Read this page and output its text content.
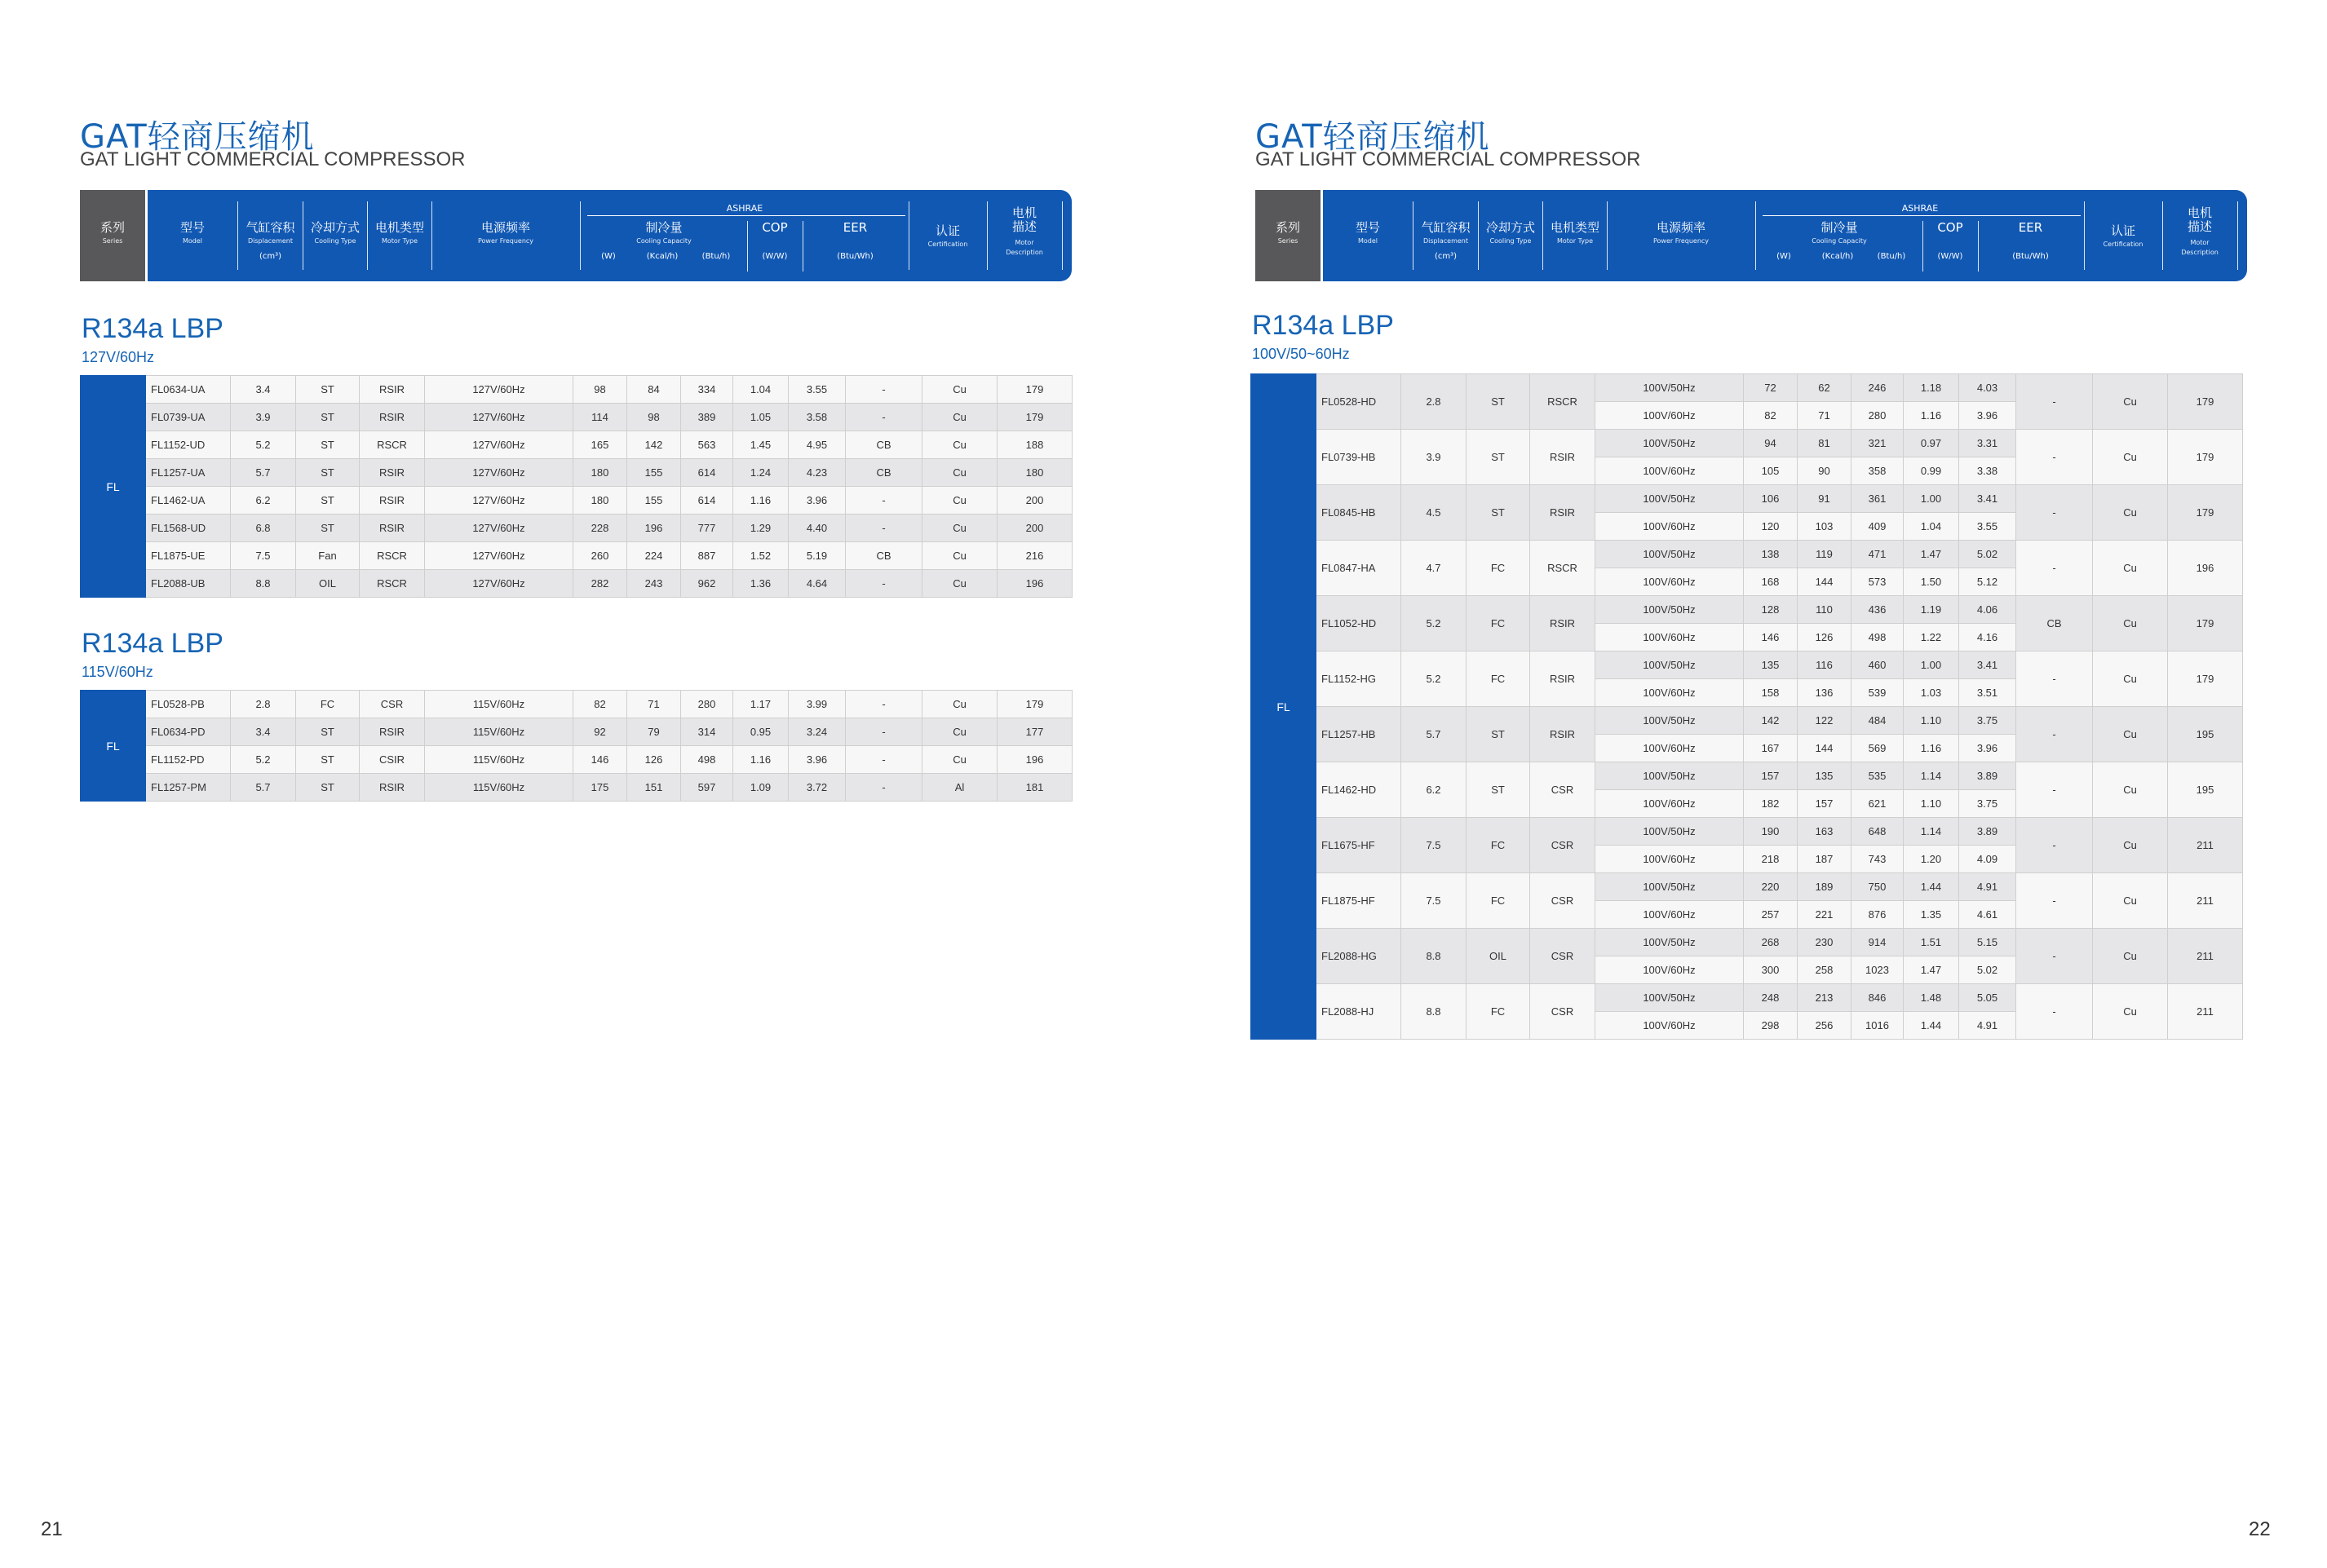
GAT轻商压缩机
GAT LIGHT COMMERCIAL COMPRESSOR
系列
Series
型号
Model
气缸容积
Displacement
(cm³)
冷却方式
Cooling Type
电机类型
Motor Type
电源频率
Power Frequency
ASHRAE
制冷量
Cooling Capacity
(W)	(Kcal/h)	(Btu/h)
COP
(W/W)
EER
(Btu/Wh)
认证
Certification
电机
描述
Motor
Description
壳体
高度
Shell Height
(mm)
R134a LBP
127V/60Hz
FL	FL0634-UA	3.4	ST	RSIR	127V/60Hz	98	84	334	1.04	3.55	-	Cu	179
	FL0739-UA	3.9	ST	RSIR	127V/60Hz	114	98	389	1.05	3.58	-	Cu	179
	FL1152-UD	5.2	ST	RSCR	127V/60Hz	165	142	563	1.45	4.95	CB	Cu	188
	FL1257-UA	5.7	ST	RSIR	127V/60Hz	180	155	614	1.24	4.23	CB	Cu	180
	FL1462-UA	6.2	ST	RSIR	127V/60Hz	180	155	614	1.16	3.96	-	Cu	200
	FL1568-UD	6.8	ST	RSIR	127V/60Hz	228	196	777	1.29	4.40	-	Cu	200
	FL1875-UE	7.5	Fan	RSCR	127V/60Hz	260	224	887	1.52	5.19	CB	Cu	216
	FL2088-UB	8.8	OIL	RSCR	127V/60Hz	282	243	962	1.36	4.64	-	Cu	196
R134a LBP
115V/60Hz
FL	FL0528-PB	2.8	FC	CSR	115V/60Hz	82	71	280	1.17	3.99	-	Cu	179
	FL0634-PD	3.4	ST	RSIR	115V/60Hz	92	79	314	0.95	3.24	-	Cu	177
	FL1152-PD	5.2	ST	CSIR	115V/60Hz	146	126	498	1.16	3.96	-	Cu	196
	FL1257-PM	5.7	ST	RSIR	115V/60Hz	175	151	597	1.09	3.72	-	Al	181
21
GAT轻商压缩机
GAT LIGHT COMMERCIAL COMPRESSOR
系列
Series
型号
Model
气缸容积
Displacement
(cm³)
冷却方式
Cooling Type
电机类型
Motor Type
电源频率
Power Frequency
ASHRAE
制冷量
Cooling Capacity
(W)	(Kcal/h)	(Btu/h)
COP
(W/W)
EER
(Btu/Wh)
认证
Certification
电机
描述
Motor
Description
壳体
高度
Shell Height
(mm)
R134a LBP
100V/50~60Hz
FL	FL0528-HD	2.8	ST	RSCR	100V/50Hz	72	62	246	1.18	4.03	-	Cu	179
					100V/60Hz	82	71	280	1.16	3.96			
	FL0739-HB	3.9	ST	RSIR	100V/50Hz	94	81	321	0.97	3.31	-	Cu	179
					100V/60Hz	105	90	358	0.99	3.38			
	FL0845-HB	4.5	ST	RSIR	100V/50Hz	106	91	361	1.00	3.41	-	Cu	179
					100V/60Hz	120	103	409	1.04	3.55			
	FL0847-HA	4.7	FC	RSCR	100V/50Hz	138	119	471	1.47	5.02	-	Cu	196
					100V/60Hz	168	144	573	1.50	5.12			
	FL1052-HD	5.2	FC	RSIR	100V/50Hz	128	110	436	1.19	4.06	CB	Cu	179
					100V/60Hz	146	126	498	1.22	4.16			
	FL1152-HG	5.2	FC	RSIR	100V/50Hz	135	116	460	1.00	3.41	-	Cu	179
					100V/60Hz	158	136	539	1.03	3.51			
	FL1257-HB	5.7	ST	RSIR	100V/50Hz	142	122	484	1.10	3.75	-	Cu	195
					100V/60Hz	167	144	569	1.16	3.96			
	FL1462-HD	6.2	ST	CSR	100V/50Hz	157	135	535	1.14	3.89	-	Cu	195
					100V/60Hz	182	157	621	1.10	3.75			
	FL1675-HF	7.5	FC	CSR	100V/50Hz	190	163	648	1.14	3.89	-	Cu	211
					100V/60Hz	218	187	743	1.20	4.09			
	FL1875-HF	7.5	FC	CSR	100V/50Hz	220	189	750	1.44	4.91	-	Cu	211
					100V/60Hz	257	221	876	1.35	4.61			
	FL2088-HG	8.8	OIL	CSR	100V/50Hz	268	230	914	1.51	5.15	-	Cu	211
					100V/60Hz	300	258	1023	1.47	5.02			
	FL2088-HJ	8.8	FC	CSR	100V/50Hz	248	213	846	1.48	5.05	-	Cu	211
					100V/60Hz	298	256	1016	1.44	4.91			
22
